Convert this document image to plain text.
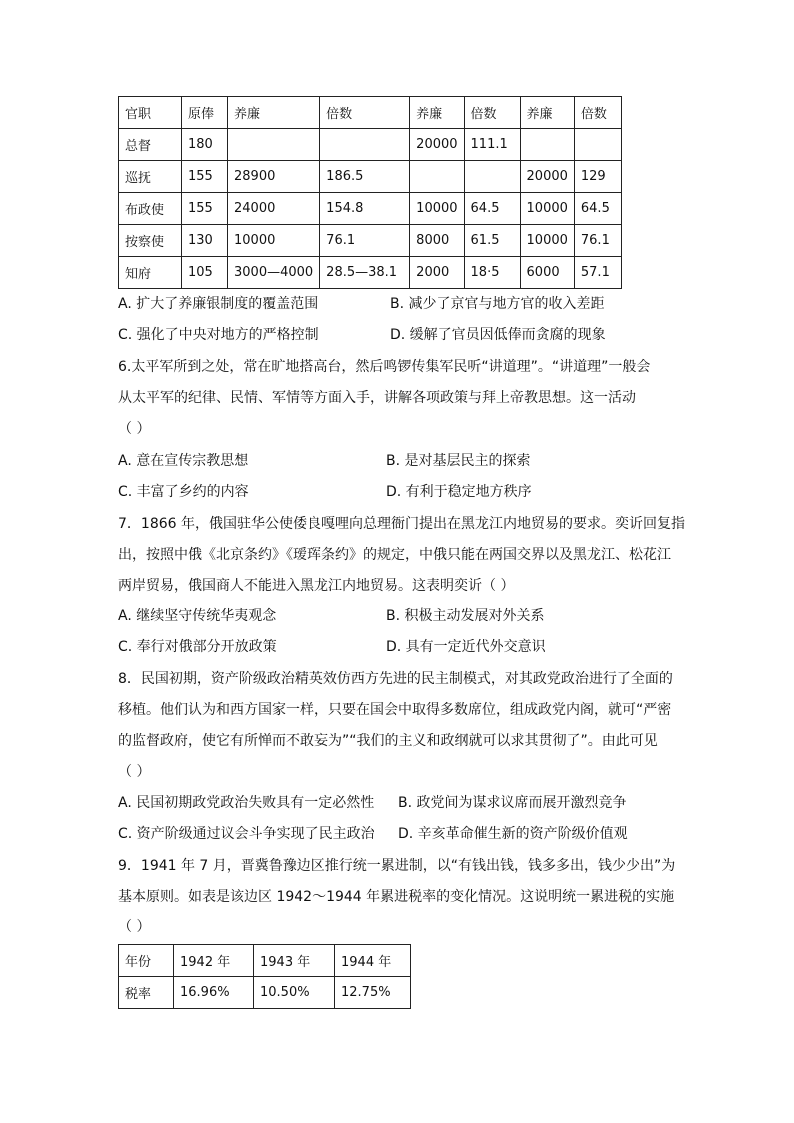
官职	原俸	养廉	倍数	养廉	倍数	养廉	倍数
总督	180			20000	111.1		
巡抚	155	28900	186.5			20000	129
布政使	155	24000	154.8	10000	64.5	10000	64.5
按察使	130	10000	76.1	8000	61.5	10000	76.1
知府	105	3000—4000	28.5—38.1	2000	18·5	6000	57.1
A. 扩大了养廉银制度的覆盖范围	B. 减少了京官与地方官的收入差距
C. 强化了中央对地方的严格控制	D. 缓解了官员因低俸而贪腐的现象
6.太平军所到之处，常在旷地搭高台，然后鸣锣传集军民听“讲道理”。“讲道理”一般会
从太平军的纪律、民情、军情等方面入手，讲解各项政策与拜上帝教思想。这一活动
（ ）
A. 意在宣传宗教思想	B. 是对基层民主的探索
C. 丰富了乡约的内容	D. 有利于稳定地方秩序
7．1866 年，俄国驻华公使倭良嘎哩向总理衙门提出在黑龙江内地贸易的要求。奕䜣回复指
出，按照中俄《北京条约》《瑷珲条约》的规定，中俄只能在两国交界以及黑龙江、松花江
两岸贸易，俄国商人不能进入黑龙江内地贸易。这表明奕䜣（ ）
A. 继续坚守传统华夷观念	B. 积极主动发展对外关系
C. 奉行对俄部分开放政策	D. 具有一定近代外交意识
8．民国初期，资产阶级政治精英效仿西方先进的民主制模式，对其政党政治进行了全面的
移植。他们认为和西方国家一样，只要在国会中取得多数席位，组成政党内阁，就可“严密
的监督政府，使它有所惮而不敢妄为”“我们的主义和政纲就可以求其贯彻了”。由此可见
（ ）
A. 民国初期政党政治失败具有一定必然性 B. 政党间为谋求议席而展开激烈竞争
C. 资产阶级通过议会斗争实现了民主政治 D. 辛亥革命催生新的资产阶级价值观
9．1941 年 7 月，晋冀鲁豫边区推行统一累进制，以“有钱出钱，钱多多出，钱少少出”为
基本原则。如表是该边区 1942～1944 年累进税率的变化情况。这说明统一累进税的实施
（ ）
年份	1942 年	1943 年	1944 年
税率	16.96%	10.50%	12.75%
